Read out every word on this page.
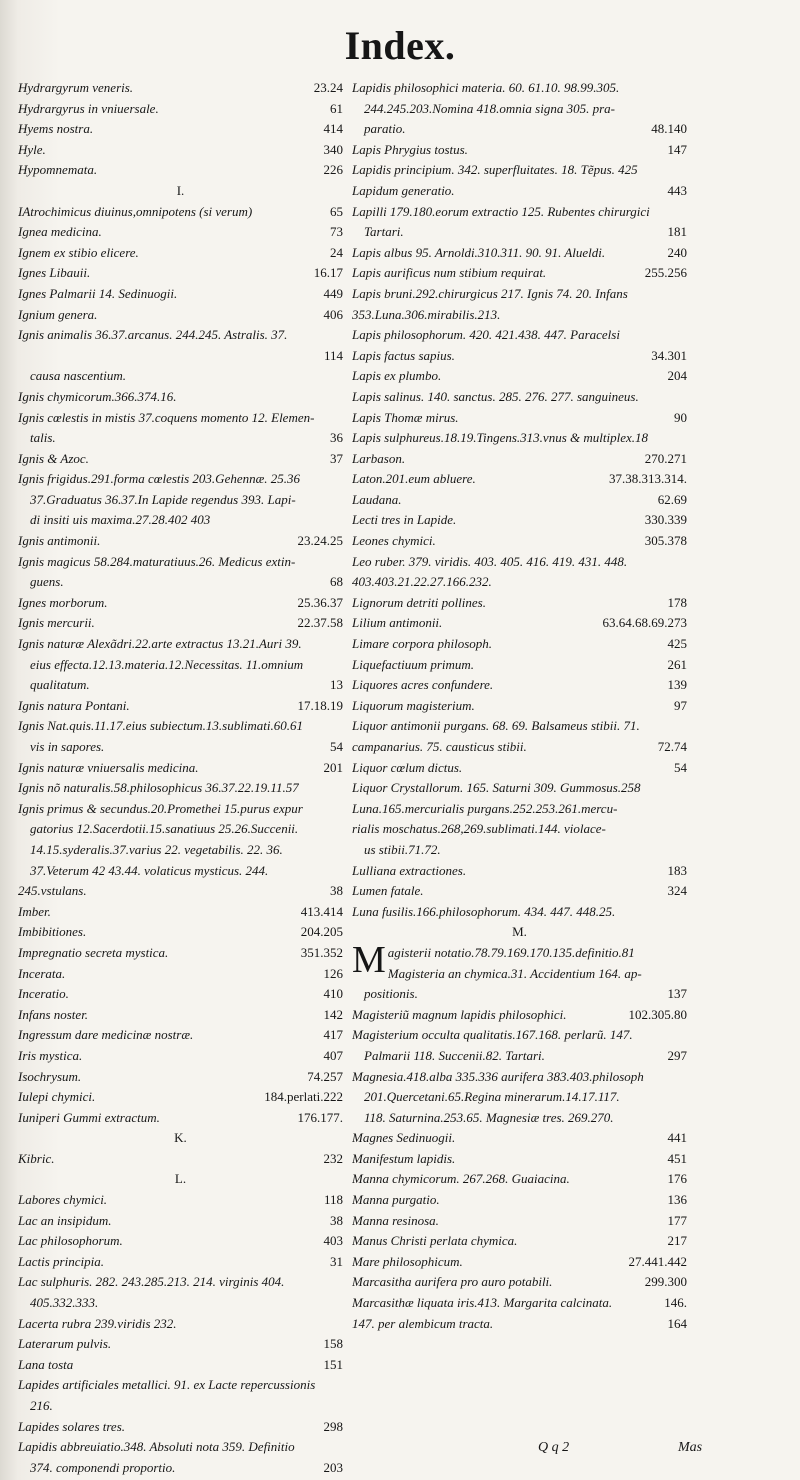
Index.
Hydrargyrum veneris.	23.24
Hydrargyrus in vniuersale.	61
Hyems nostra.	414
Hyle.	340
Hypomnemata.	226
I.
IAtrochimicus diuinus,omnipotens (si verum)	65
Ignea medicina.	73
Ignem ex stibio elicere.	24
Ignes Libauii.	16.17
Ignes Palmarii 14. Sedinuogii.	449
Ignium genera.	406
Ignis animalis 36.37.arcanus. 244.245. Astralis. 37.
114
causa nascentium.
Ignis chymicorum.366.374.16.
Ignis cœlestis in mistis 37.coquens momento 12. Elemen-
talis.	36
Ignis & Azoc.	37
Ignis frigidus.291.forma cœlestis 203.Gehennæ. 25.36
37.Graduatus 36.37.In Lapide regendus 393. Lapi-
di insiti uis maxima.27.28.402 403
Ignis antimonii.	23.24.25
Ignis magicus 58.284.maturatiuus.26. Medicus extin-
guens.	68
Ignes morborum.	25.36.37
Ignis mercurii.	22.37.58
Ignis naturæ Alexãdri.22.arte extractus 13.21.Auri 39.
eius effecta.12.13.materia.12.Necessitas. 11.omnium
qualitatum.	13
Ignis natura Pontani.	17.18.19
Ignis Nat.quis.11.17.eius subiectum.13.sublimati.60.61
vis in sapores.	54
Ignis naturæ vniuersalis medicina.	201
Ignis nõ naturalis.58.philosophicus 36.37.22.19.11.57
Ignis primus & secundus.20.Promethei 15.purus expur
gatorius 12.Sacerdotii.15.sanatiuus 25.26.Succenii.
14.15.syderalis.37.varius 22. vegetabilis. 22. 36.
37.Veterum 42 43.44. volaticus mysticus. 244.
245.vstulans.	38
Imber.	413.414
Imbibitiones.	204.205
Impregnatio secreta mystica.	351.352
Incerata.	126
Inceratio.	410
Infans noster.	142
Ingressum dare medicinæ nostræ.	417
Iris mystica.	407
Isochrysum.	74.257
Iulepi chymici.	184.perlati.222
Iuniperi Gummi extractum.	176.177.
K.
Kibric.	232
L.
Labores chymici.	118
Lac an insipidum.	38
Lac philosophorum.	403
Lactis principia.	31
Lac sulphuris. 282. 243.285.213. 214. virginis 404.
405.332.333.
Lacerta rubra 239.viridis 232.
Laterarum pulvis.	158
Lana tosta	151
Lapides artificiales metallici. 91. ex Lacte repercussionis
216.
Lapides solares tres.	298
Lapidis abbreuiatio.348. Absoluti nota 359. Definitio
374. componendi proportio.	203
Lapidis philosophici materia. 60. 61.10. 98.99.305.
244.245.203.Nomina 418.omnia signa 305. pra-
paratio.	48.140
Lapis Phrygius tostus.	147
Lapidis principium. 342. superfluitates. 18. Tẽpus. 425
Lapidum generatio.	443
Lapilli 179.180.eorum extractio 125. Rubentes chirurgici
Tartari.	181
Lapis albus 95. Arnoldi.310.311. 90. 91. Alueldi.	240
Lapis aurificus num stibium requirat.	255.256
Lapis bruni.292.chirurgicus 217. Ignis 74. 20. Infans
353.Luna.306.mirabilis.213.
Lapis philosophorum. 420. 421.438. 447. Paracelsi
Lapis factus sapius.	34.301
Lapis ex plumbo.	204
Lapis salinus. 140. sanctus. 285. 276. 277. sanguineus.
Lapis Thomæ mirus.	90
Lapis sulphureus.18.19.Tingens.313.vnus & multiplex.18
Larbason.	270.271
Laton.201.eum abluere.	37.38.313.314.
Laudana.	62.69
Lecti tres in Lapide.	330.339
Leones chymici.	305.378
Leo ruber. 379. viridis. 403. 405. 416. 419. 431. 448.
403.403.21.22.27.166.232.
Lignorum detriti pollines.	178
Lilium antimonii.	63.64.68.69.273
Limare corpora philosoph.	425
Liquefactiuum primum.	261
Liquores acres confundere.	139
Liquorum magisterium.	97
Liquor antimonii purgans. 68. 69. Balsameus stibii. 71.
campanarius. 75. causticus stibii.	72.74
Liquor cœlum dictus.	54
Liquor Crystallorum. 165. Saturni 309. Gummosus.258
Luna.165.mercurialis purgans.252.253.261.mercu-
rialis moschatus.268,269.sublimati.144. violace-
us stibii.71.72.
Lulliana extractiones.	183
Lumen fatale.	324
Luna fusilis.166.philosophorum. 434. 447. 448.25.
M.
M agisterii notatio.78.79.169.170.135.definitio.81
Magisteria an chymica.31. Accidentium 164. ap-
positionis.	137
Magisteriũ magnum lapidis philosophici.	102.305.80
Magisterium occulta qualitatis.167.168. perlarũ. 147.
Palmarii 118. Succenii.82. Tartari.	297
Magnesia.418.alba 335.336 aurifera 383.403.philosoph
201.Quercetani.65.Regina minerarum.14.17.117.
118. Saturnina.253.65. Magnesiæ tres. 269.270.
Magnes Sedinuogii.	441
Manifestum lapidis.	451
Manna chymicorum. 267.268. Guaiacina.	176
Manna purgatio.	136
Manna resinosa.	177
Manus Christi perlata chymica.	217
Mare philosophicum.	27.441.442
Marcasitha aurifera pro auro potabili.	299.300
Marcasithæ liquata iris.413. Margarita calcinata.	146.
147. per alembicum tracta.	164
Q q 2	Mas
